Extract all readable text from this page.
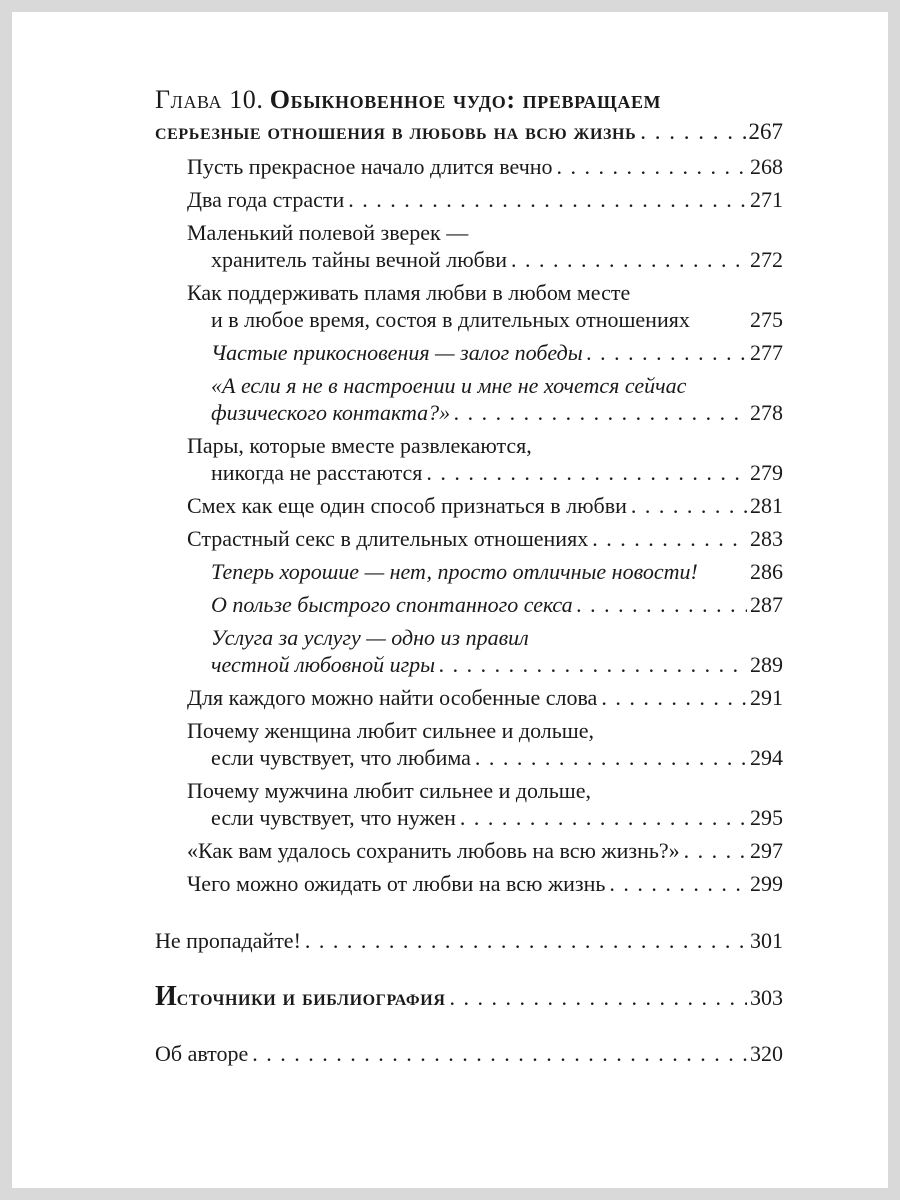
Глава 10. Обыкновенное чудо: превращаем
серьезные отношения в любовь на всю жизнь . . .	267
Пусть прекрасное начало длится вечно . . .	268
Два года страсти . . .	271
Маленький полевой зверек —
хранитель тайны вечной любви . . .	272
Как поддерживать пламя любви в любом месте
и в любое время, состоя в длительных отношениях	275
Частые прикосновения — залог победы . . .	277
«А если я не в настроении и мне не хочется сейчас
физического контакта?» . . .	278
Пары, которые вместе развлекаются,
никогда не расстаются . . .	279
Смех как еще один способ признаться в любви . . .	281
Страстный секс в длительных отношениях . . .	283
Теперь хорошие — нет, просто отличные новости! 286
О пользе быстрого спонтанного секса . . .	287
Услуга за услугу — одно из правил
честной любовной игры . . .	289
Для каждого можно найти особенные слова . . .	291
Почему женщина любит сильнее и дольше,
если чувствует, что любима . . .	294
Почему мужчина любит сильнее и дольше,
если чувствует, что нужен . . .	295
«Как вам удалось сохранить любовь на всю жизнь?» . . .	297
Чего можно ожидать от любви на всю жизнь . . .	299
Не пропадайте! . . .	301
Источники и библиография . . .	303
Об авторе . . .	320
